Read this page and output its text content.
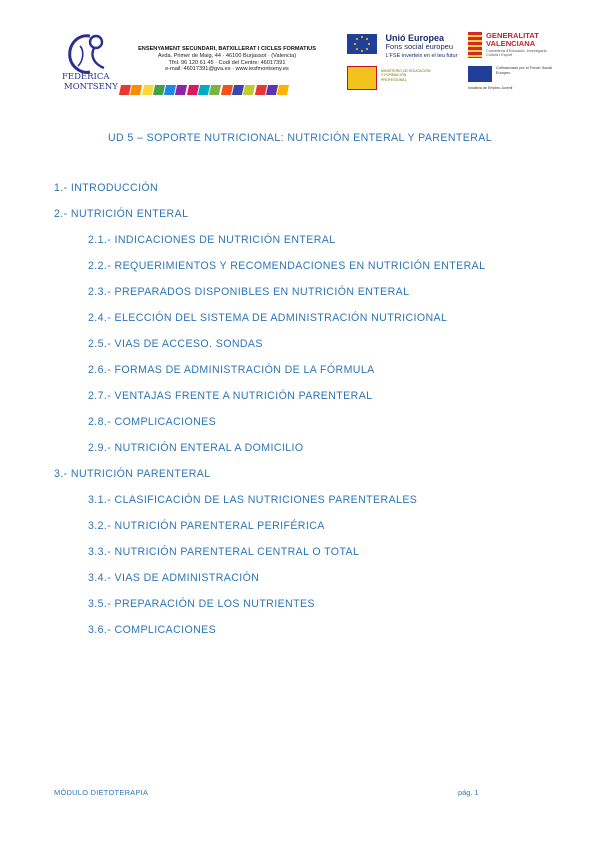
FEDERICA
MONTSENY
ENSENYAMENT SECUNDARI, BATXILLERAT I CICLES FORMATIUS
Avda. Primer de Maig, 44 · 46100 Burjassot · (Valencia)
Tfnl. 96 120 61 45 · Codi del Centre: 46017391
e-mail: 46017391@gva.es · www.iesfmontseny.es
Unió Europea
Fons social europeu
L'FSE inverteix en el teu futur
GENERALITAT
VALENCIANA
Conselleria d'Educació, Investigació, Cultura i Esport
MINISTERIO DE EDUCACIÓN Y FORMACIÓN PROFESIONAL
Cofinanciado por el Fondo Social Europeo
Iniciativa de Empleo Juvenil
UD 5 – SOPORTE NUTRICIONAL: NUTRICIÓN ENTERAL Y PARENTERAL
1.- INTRODUCCIÓN
2.- NUTRICIÓN ENTERAL
2.1.- INDICACIONES DE NUTRICIÓN ENTERAL
2.2.- REQUERIMIENTOS Y RECOMENDACIONES EN NUTRICIÓN ENTERAL
2.3.- PREPARADOS DISPONIBLES EN NUTRICIÓN ENTERAL
2.4.- ELECCIÓN DEL SISTEMA DE ADMINISTRACIÓN NUTRICIONAL
2.5.- VIAS DE ACCESO. SONDAS
2.6.- FORMAS DE ADMINISTRACIÓN DE LA FÓRMULA
2.7.- VENTAJAS FRENTE A NUTRICIÓN PARENTERAL
2.8.- COMPLICACIONES
2.9.- NUTRICIÓN ENTERAL A DOMICILIO
3.- NUTRICIÓN PARENTERAL
3.1.- CLASIFICACIÓN DE LAS NUTRICIONES PARENTERALES
3.2.- NUTRICIÓN PARENTERAL PERIFÉRICA
3.3.- NUTRICIÓN PARENTERAL CENTRAL O TOTAL
3.4.- VIAS DE ADMINISTRACIÓN
3.5.- PREPARACIÓN DE LOS NUTRIENTES
3.6.- COMPLICACIONES
MÓDULO DIETOTERAPIA	pág. 1
